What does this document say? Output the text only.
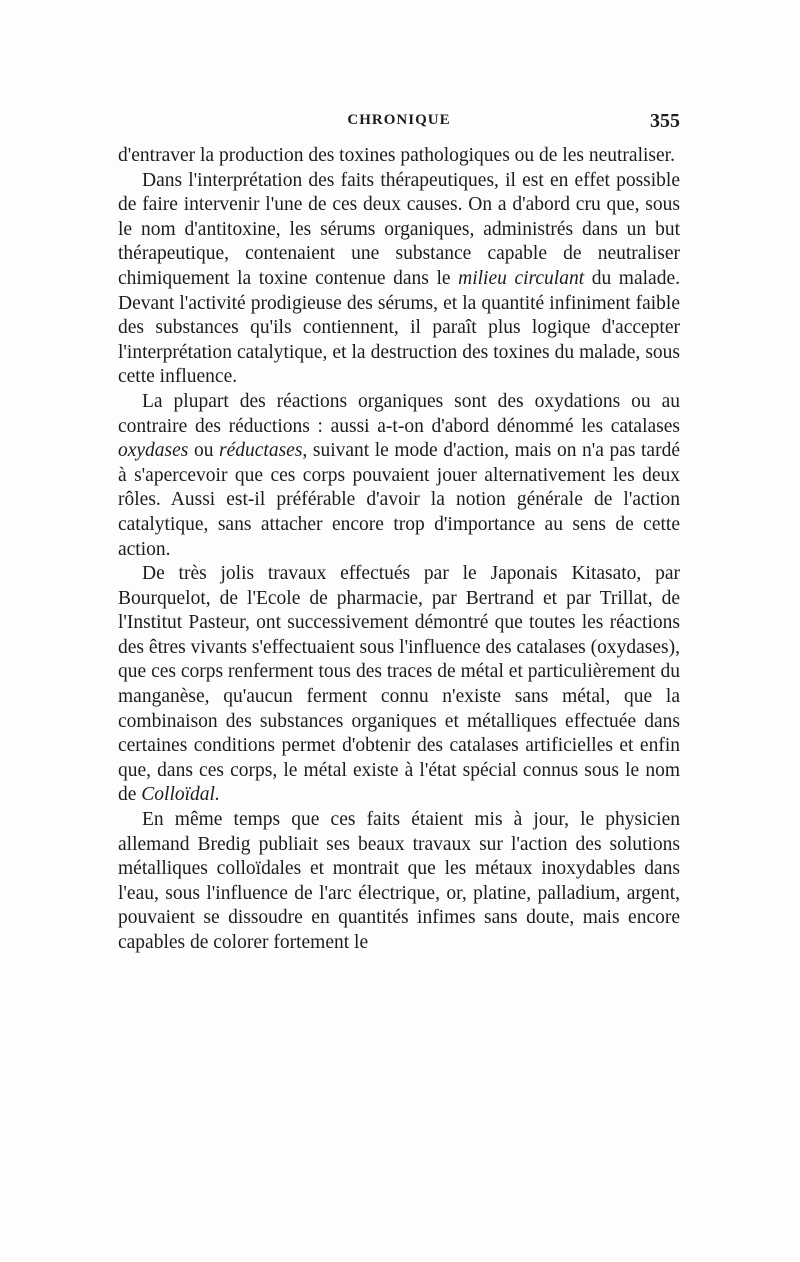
CHRONIQUE	355

d'entraver la production des toxines pathologiques ou de les neutraliser.

Dans l'interprétation des faits thérapeutiques, il est en effet possible de faire intervenir l'une de ces deux causes. On a d'abord cru que, sous le nom d'antitoxine, les sérums organiques, administrés dans un but thérapeutique, contenaient une substance capable de neutraliser chimiquement la toxine contenue dans le milieu circulant du malade. Devant l'activité prodigieuse des sérums, et la quantité infiniment faible des substances qu'ils contiennent, il paraît plus logique d'accepter l'interprétation catalytique, et la destruction des toxines du malade, sous cette influence.

La plupart des réactions organiques sont des oxydations ou au contraire des réductions : aussi a-t-on d'abord dénommé les catalases oxydases ou réductases, suivant le mode d'action, mais on n'a pas tardé à s'apercevoir que ces corps pouvaient jouer alternativement les deux rôles. Aussi est-il préférable d'avoir la notion générale de l'action catalytique, sans attacher encore trop d'importance au sens de cette action.

De très jolis travaux effectués par le Japonais Kitasato, par Bourquelot, de l'Ecole de pharmacie, par Bertrand et par Trillat, de l'Institut Pasteur, ont successivement démontré que toutes les réactions des êtres vivants s'effectuaient sous l'influence des catalases (oxydases), que ces corps renferment tous des traces de métal et particulièrement du manganèse, qu'aucun ferment connu n'existe sans métal, que la combinaison des substances organiques et métalliques effectuée dans certaines conditions permet d'obtenir des catalases artificielles et enfin que, dans ces corps, le métal existe à l'état spécial connus sous le nom de Colloïdal.

En même temps que ces faits étaient mis à jour, le physicien allemand Bredig publiait ses beaux travaux sur l'action des solutions métalliques colloïdales et montrait que les métaux inoxydables dans l'eau, sous l'influence de l'arc électrique, or, platine, palladium, argent, pouvaient se dissoudre en quantités infimes sans doute, mais encore capables de colorer fortement le
